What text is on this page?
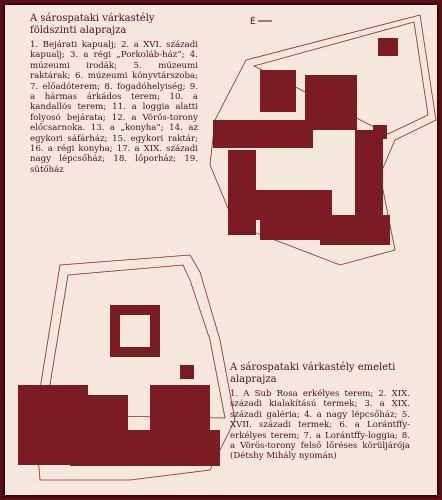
É
A sárospataki várkastély földszinti alaprajza
1. Bejárati kapualj; 2. a XVI. századi kapualj; 3. a régi „Porkoláb-ház”; 4. múzeumi irodák; 5. múzeumi raktárak; 6. múzeumi könyvtárszoba; 7. előadóterem; 8. fogadóhelyiség; 9. a hármas árkádos terem; 10. a kandallós terem; 11. a loggia alatti folyosó bejárata; 12. a Vörös-torony előcsarnoka. 13. a „konyha”; 14. az egykori sáfárház; 15. egykori raktár; 16. a régi konyha; 17. a XIX. századi nagy lépcsőház; 18. lőporház; 19. sütőház
A sárospataki várkastély emeleti alaprajza
1. A Sub Rosa erkélyes terem; 2. XIX. századi kialakítású termek; 3. a XIX. századi galéria; 4. a nagy lépcsőház; 5. XVII. századi termek; 6. a Lorántffy-erkélyes terem; 7. a Lorántffy-loggia; 8. a Vörös-torony felső lőréses körüljárója (Détshy Mihály nyomán)
